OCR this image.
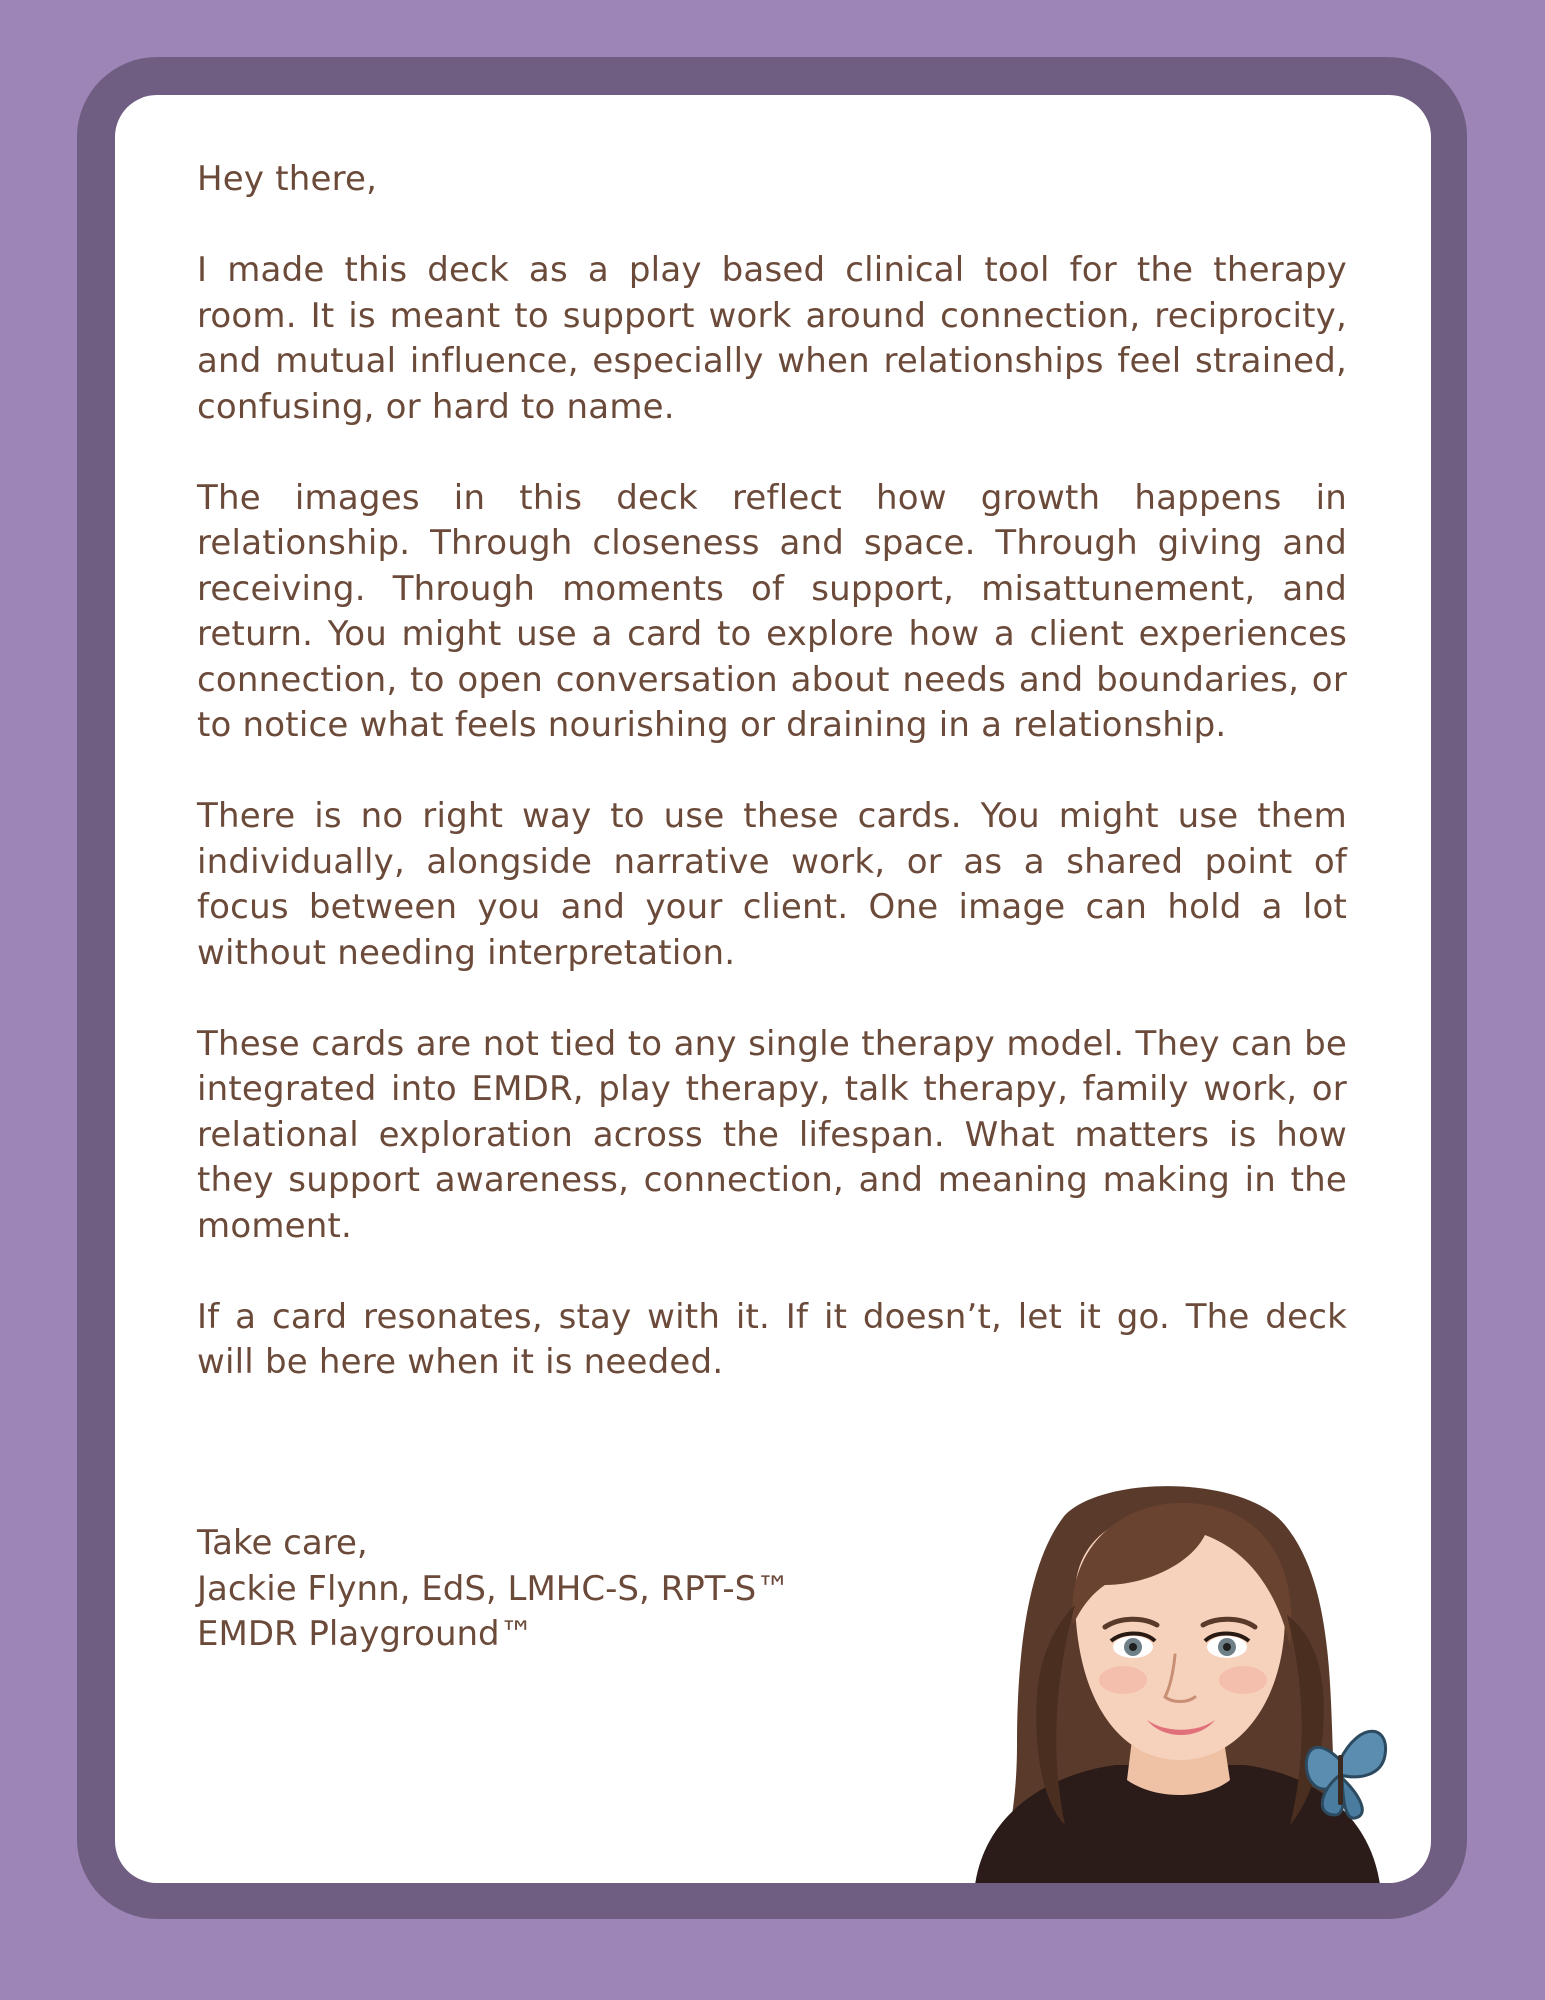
Hey there,

I made this deck as a play based clinical tool for the therapy room. It is meant to support work around connection, reciprocity, and mutual influence, especially when relationships feel strained, confusing, or hard to name.

The images in this deck reflect how growth happens in relationship. Through closeness and space. Through giving and receiving. Through moments of support, misattunement, and return. You might use a card to explore how a client experiences connection, to open conversation about needs and boundaries, or to notice what feels nourishing or draining in a relationship.

There is no right way to use these cards. You might use them individually, alongside narrative work, or as a shared point of focus between you and your client. One image can hold a lot without needing interpretation.

These cards are not tied to any single therapy model. They can be integrated into EMDR, play therapy, talk therapy, family work, or relational exploration across the lifespan. What matters is how they support awareness, connection, and meaning making in the moment.

If a card resonates, stay with it. If it doesn’t, let it go. The deck will be here when it is needed.

Take care,
Jackie Flynn, EdS, LMHC-S, RPT-S™
EMDR Playground™
